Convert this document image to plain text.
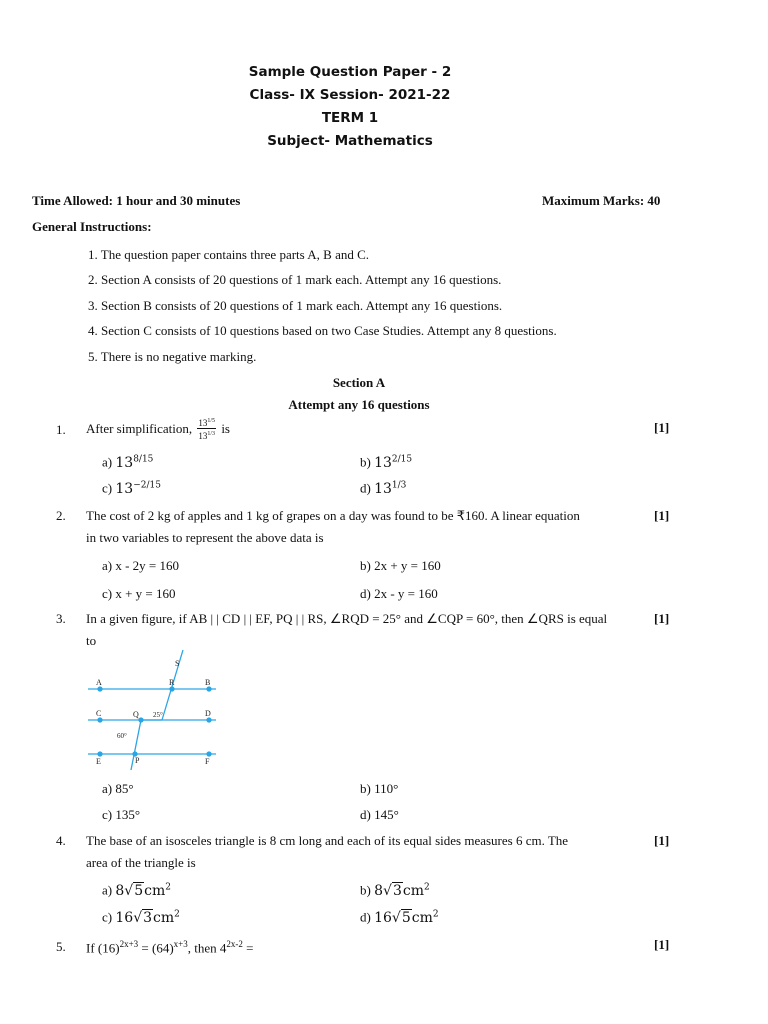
Sample Question Paper - 2
Class- IX Session- 2021-22
TERM 1
Subject- Mathematics
Time Allowed: 1 hour and 30 minutes	Maximum Marks: 40
General Instructions:
1. The question paper contains three parts A, B and C.
2. Section A consists of 20 questions of 1 mark each. Attempt any 16 questions.
3. Section B consists of 20 questions of 1 mark each. Attempt any 16 questions.
4. Section C consists of 10 questions based on two Case Studies. Attempt any 8 questions.
5. There is no negative marking.
Section A
Attempt any 16 questions
1. After simplification,
$\frac{13^{1/5}}{13^{1/3}}$
is	[1]
a) $13^{8/15}$	b) $13^{2/15}$
c) $13^{-2/15}$	d) $13^{1/3}$
2. The cost of 2 kg of apples and 1 kg of grapes on a day was found to be ₹160. A linear equation
in two variables to represent the above data is
[1]
a) x - 2y = 160	b) 2x + y = 160
c) x + y = 160	d) 2x - y = 160
3. In a given figure, if AB | | CD | | EF, PQ | | RS, ∠RQD = 25° and ∠CQP = 60°, then ∠QRS is equal
to
[1]
A	B
C	D
E	F
R
S
Q
P
25°
60°
a) 85°	b) 110°
c) 135°	d) 145°
4. The base of an isosceles triangle is 8 cm long and each of its equal sides measures 6 cm. The
area of the triangle is
[1]
a) $8√5cm^2$	b) $8√3cm^2$
c) $16√3cm^2$	d) $16√5cm^2$
5. If $(16)^{2x+3} = (64)^{x+3}$, then $4^{2x-2}$ =	[1]
